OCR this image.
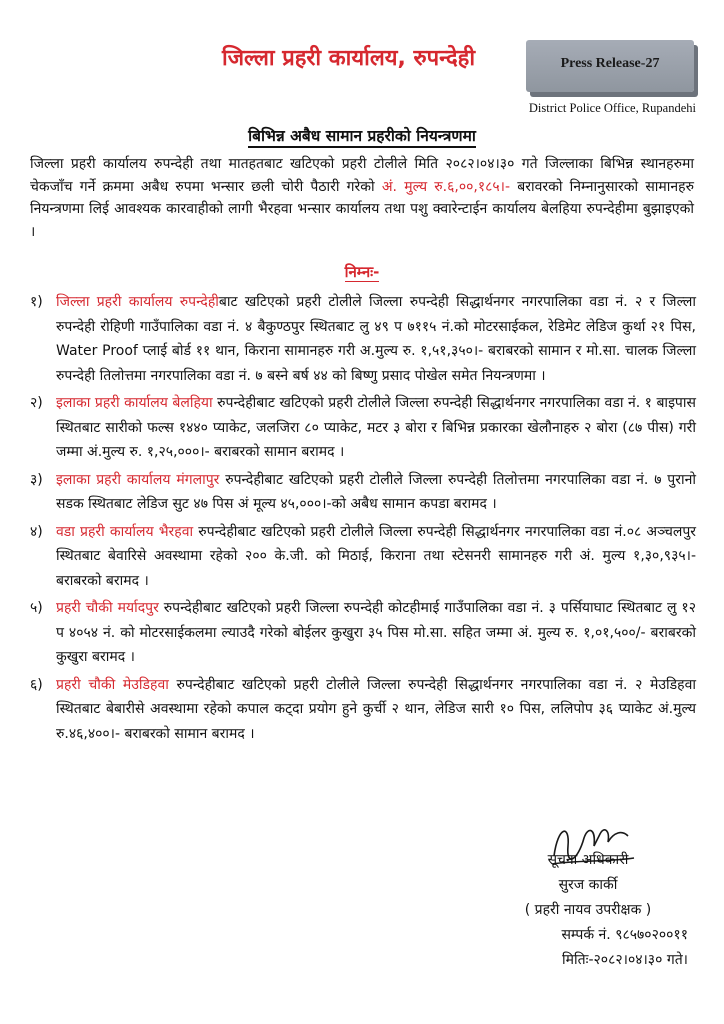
जिल्ला प्रहरी कार्यालय, रुपन्देही	Press Release-27
District Police Office, Rupandehi
बिभिन्न अबैध सामान प्रहरीको नियन्त्रणमा
जिल्ला प्रहरी कार्यालय रुपन्देही तथा मातहतबाट खटिएको प्रहरी टोलीले मिति २०८२।०४।३० गते जिल्लाका बिभिन्न स्थानहरुमा चेकजाँच गर्ने क्रममा अबैध रुपमा भन्सार छली चोरी पैठारी गरेको अं. मुल्य रु.६,००,१८५।- बरावरको निम्नानुसारको सामानहरु नियन्त्रणमा लिई आवश्यक कारवाहीको लागी भैरहवा भन्सार कार्यालय तथा पशु क्वारेन्टाईन कार्यालय बेलहिया रुपन्देहीमा बुझाइएको ।
निम्नः-
१) जिल्ला प्रहरी कार्यालय रुपन्देहीबाट खटिएको प्रहरी टोलीले जिल्ला रुपन्देही सिद्धार्थनगर नगरपालिका वडा नं. २ र जिल्ला रुपन्देही रोहिणी गाउँपालिका वडा नं. ४ बैकुण्ठपुर स्थितबाट लु ४९ प ७११५ नं.को मोटरसाईकल, रेडिमेट लेडिज कुर्था २१ पिस, Water Proof प्लाई बोर्ड ११ थान, किराना सामानहरु गरी अ.मुल्य रु. १,५१,३५०।- बराबरको सामान र मो.सा. चालक जिल्ला रुपन्देही तिलोत्तमा नगरपालिका वडा नं. ७ बस्ने बर्ष ४४ को बिष्णु प्रसाद पोखेल समेत नियन्त्रणमा ।
२) इलाका प्रहरी कार्यालय बेलहिया रुपन्देहीबाट खटिएको प्रहरी टोलीले जिल्ला रुपन्देही सिद्धार्थनगर नगरपालिका वडा नं. १ बाइपास स्थितबाट सारीको फल्स १४४० प्याकेट, जलजिरा ८० प्याकेट, मटर ३ बोरा र बिभिन्न प्रकारका खेलौनाहरु २ बोरा (८७ पीस) गरी जम्मा अं.मुल्य रु. १,२५,०००।- बराबरको सामान बरामद ।
३) इलाका प्रहरी कार्यालय मंगलापुर रुपन्देहीबाट खटिएको प्रहरी टोलीले जिल्ला रुपन्देही तिलोत्तमा नगरपालिका वडा नं. ७ पुरानो सडक स्थितबाट लेडिज सुट ४७ पिस अं मूल्य ४५,०००।-को अबैध सामान कपडा बरामद ।
४) वडा प्रहरी कार्यालय भैरहवा रुपन्देहीबाट खटिएको प्रहरी टोलीले जिल्ला रुपन्देही सिद्धार्थनगर नगरपालिका वडा नं.०८ अञ्चलपुर स्थितबाट बेवारिसे अवस्थामा रहेको २०० के.जी. को मिठाई, किराना तथा स्टेसनरी सामानहरु गरी अं. मुल्य १,३०,९३५।- बराबरको बरामद ।
५) प्रहरी चौकी मर्यादपुर रुपन्देहीबाट खटिएको प्रहरी जिल्ला रुपन्देही कोटहीमाई गाउँपालिका वडा नं. ३ पर्सियाघाट स्थितबाट लु १२ प ४०५४ नं. को मोटरसाईकलमा ल्याउदै गरेको बोईलर कुखुरा ३५ पिस मो.सा. सहित जम्मा अं. मुल्य रु. १,०१,५००/- बराबरको कुखुरा बरामद ।
६) प्रहरी चौकी मेउडिहवा रुपन्देहीबाट खटिएको प्रहरी टोलीले जिल्ला रुपन्देही सिद्धार्थनगर नगरपालिका वडा नं. २ मेउडिहवा स्थितबाट बेबारीसे अवस्थामा रहेको कपाल कट्‌दा प्रयोग हुने कुर्ची २ थान, लेडिज सारी १० पिस, ललिपोप ३६ प्याकेट अं.मुल्य रु.४६,४००।- बराबरको सामान बरामद ।
सूचना अधिकारी
सुरज कार्की
( प्रहरी नायव उपरीक्षक )
सम्पर्क नं. ९८५७०२००११
मितिः-२०८२।०४।३० गते।
